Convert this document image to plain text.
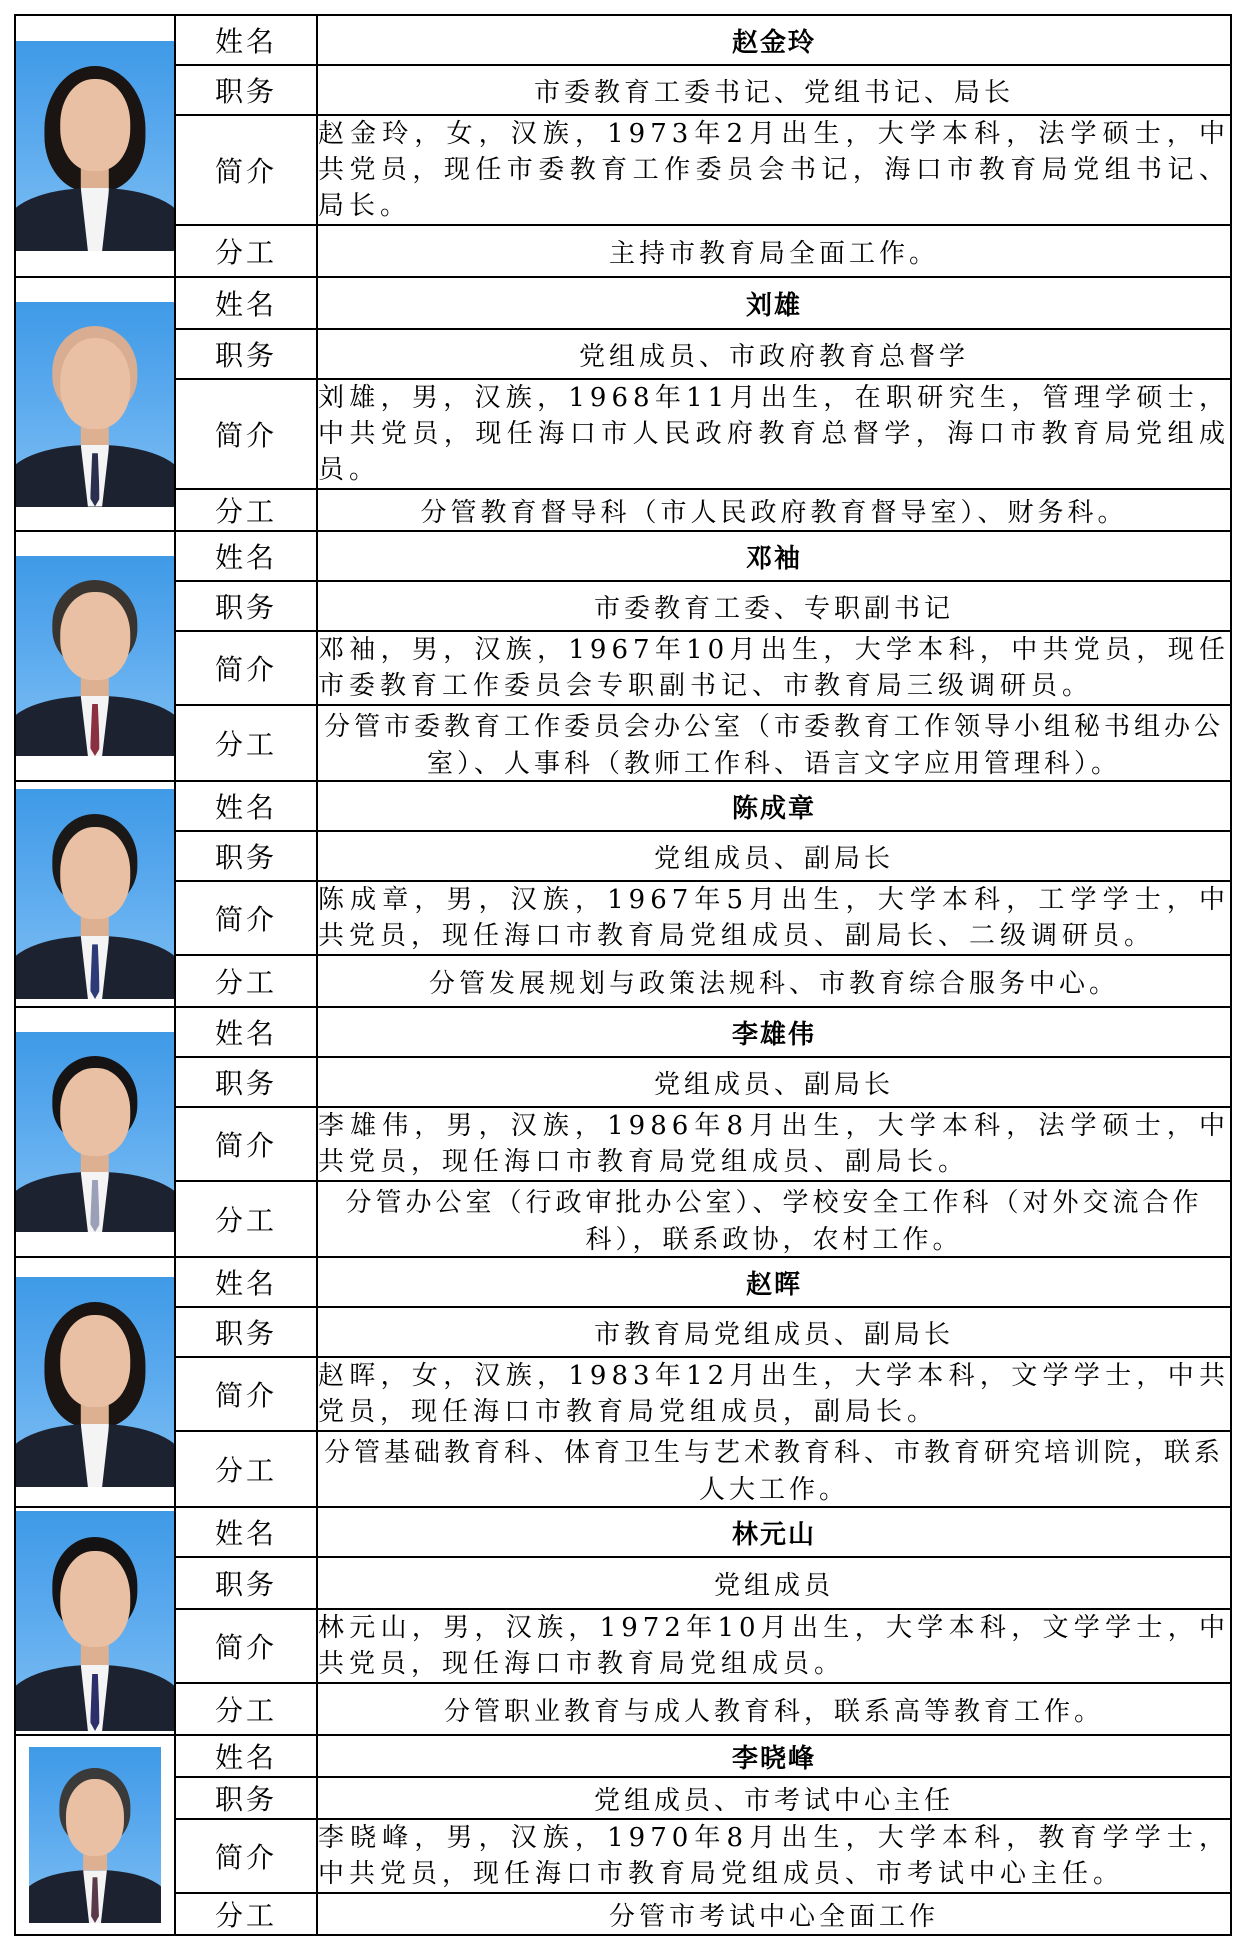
	姓名	赵金玲
	职务	市委教育工委书记、党组书记、局长
	简介	赵金玲，女，汉族，1973年2月出生，大学本科，法学硕士，中共党员，现任市委教育工作委员会书记，海口市教育局党组书记、局长。
	分工	主持市教育局全面工作。

	姓名	刘雄
	职务	党组成员、市政府教育总督学
	简介	刘雄，男，汉族，1968年11月出生，在职研究生，管理学硕士，中共党员，现任海口市人民政府教育总督学，海口市教育局党组成员。
	分工	分管教育督导科（市人民政府教育督导室）、财务科。

	姓名	邓袖
	职务	市委教育工委、专职副书记
	简介	邓袖，男，汉族，1967年10月出生，大学本科，中共党员，现任市委教育工作委员会专职副书记、市教育局三级调研员。
	分工	分管市委教育工作委员会办公室（市委教育工作领导小组秘书组办公室）、人事科（教师工作科、语言文字应用管理科）。

	姓名	陈成章
	职务	党组成员、副局长
	简介	陈成章，男，汉族，1967年5月出生，大学本科，工学学士，中共党员，现任海口市教育局党组成员、副局长、二级调研员。
	分工	分管发展规划与政策法规科、市教育综合服务中心。

	姓名	李雄伟
	职务	党组成员、副局长
	简介	李雄伟，男，汉族，1986年8月出生，大学本科，法学硕士，中共党员，现任海口市教育局党组成员、副局长。
	分工	分管办公室（行政审批办公室）、学校安全工作科（对外交流合作科），联系政协，农村工作。

	姓名	赵晖
	职务	市教育局党组成员、副局长
	简介	赵晖，女，汉族，1983年12月出生，大学本科，文学学士，中共党员，现任海口市教育局党组成员，副局长。
	分工	分管基础教育科、体育卫生与艺术教育科、市教育研究培训院，联系人大工作。

	姓名	林元山
	职务	党组成员
	简介	林元山，男，汉族，1972年10月出生，大学本科，文学学士，中共党员，现任海口市教育局党组成员。
	分工	分管职业教育与成人教育科，联系高等教育工作。

	姓名	李晓峰
	职务	党组成员、市考试中心主任
	简介	李晓峰，男，汉族，1970年8月出生，大学本科，教育学学士，中共党员，现任海口市教育局党组成员、市考试中心主任。
	分工	分管市考试中心全面工作
